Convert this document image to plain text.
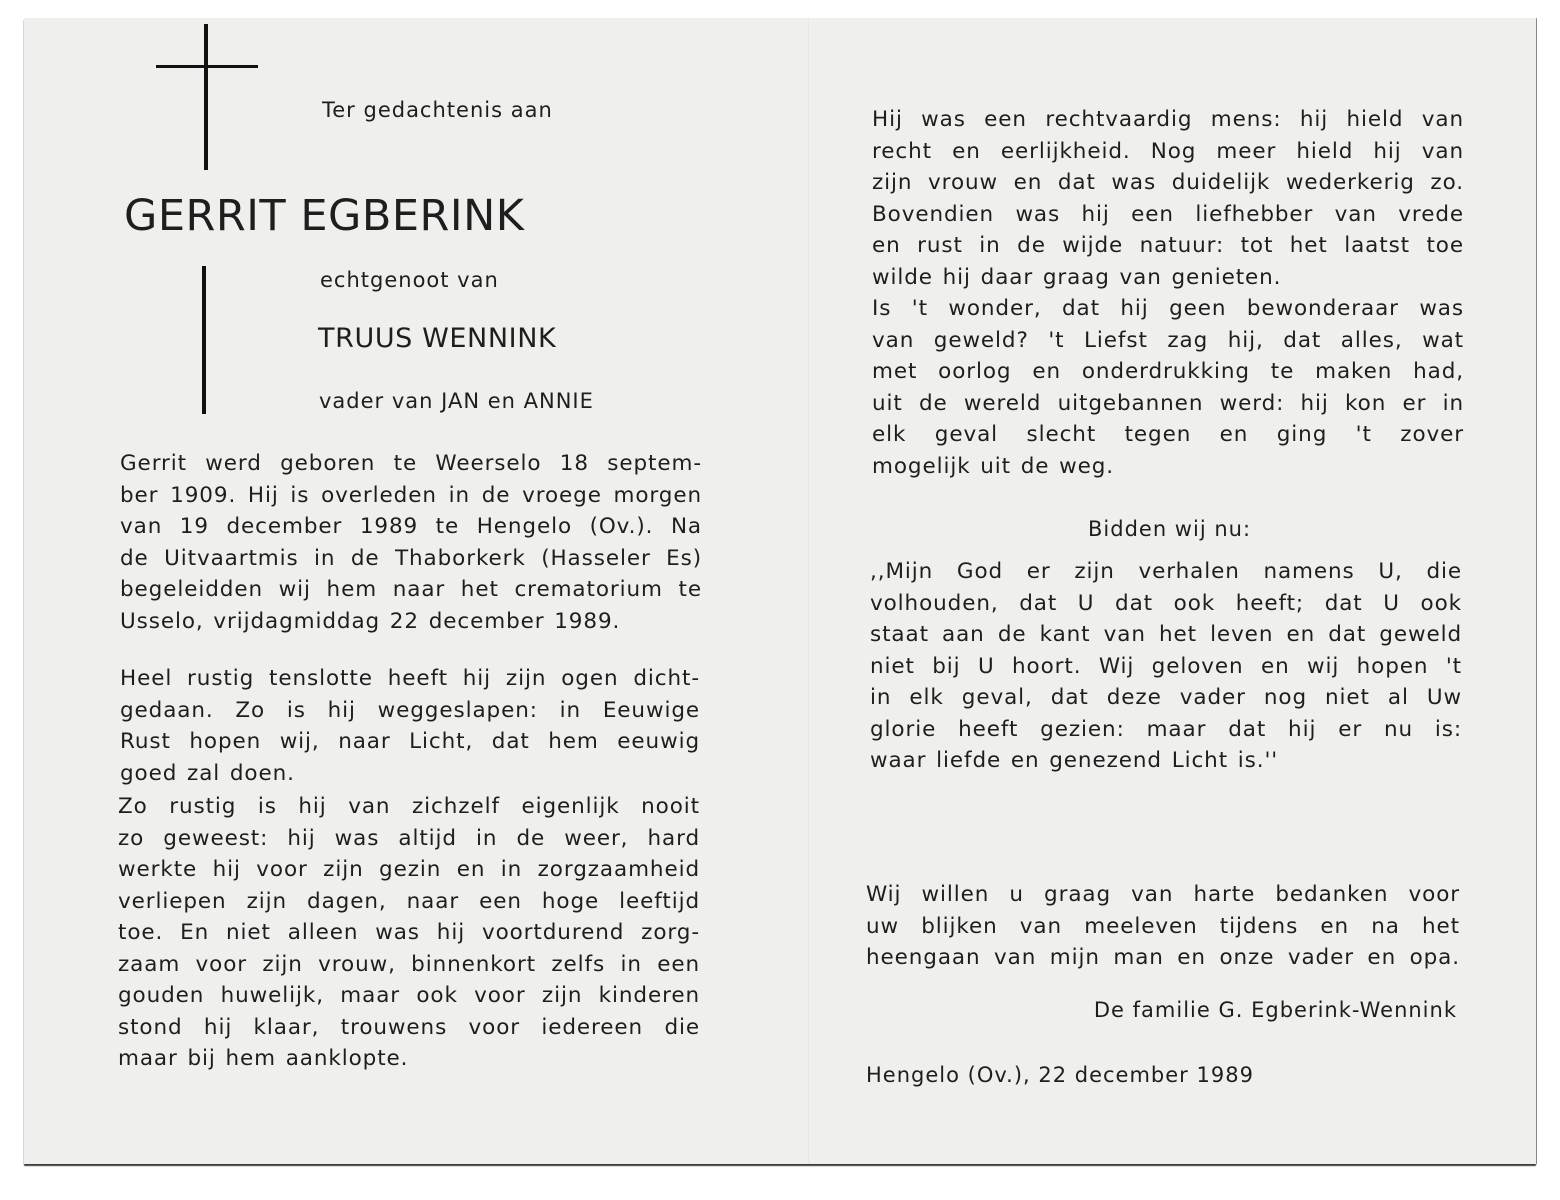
Ter gedachtenis aan

GERRIT EGBERINK

echtgenoot van

TRUUS WENNINK

vader van JAN en ANNIE

Gerrit werd geboren te Weerselo 18 septem-
ber 1909. Hij is overleden in de vroege morgen
van 19 december 1989 te Hengelo (Ov.). Na
de Uitvaartmis in de Thaborkerk (Hasseler Es)
begeleidden wij hem naar het crematorium te
Usselo, vrijdagmiddag 22 december 1989.
Heel rustig tenslotte heeft hij zijn ogen dicht-
gedaan. Zo is hij weggeslapen: in Eeuwige
Rust hopen wij, naar Licht, dat hem eeuwig
goed zal doen.
Zo rustig is hij van zichzelf eigenlijk nooit
zo geweest: hij was altijd in de weer, hard
werkte hij voor zijn gezin en in zorgzaamheid
verliepen zijn dagen, naar een hoge leeftijd
toe. En niet alleen was hij voortdurend zorg-
zaam voor zijn vrouw, binnenkort zelfs in een
gouden huwelijk, maar ook voor zijn kinderen
stond hij klaar, trouwens voor iedereen die
maar bij hem aanklopte.
Hij was een rechtvaardig mens: hij hield van
recht en eerlijkheid. Nog meer hield hij van
zijn vrouw en dat was duidelijk wederkerig zo.
Bovendien was hij een liefhebber van vrede
en rust in de wijde natuur: tot het laatst toe
wilde hij daar graag van genieten.
Is 't wonder, dat hij geen bewonderaar was
van geweld? 't Liefst zag hij, dat alles, wat
met oorlog en onderdrukking te maken had,
uit de wereld uitgebannen werd: hij kon er in
elk geval slecht tegen en ging 't zover
mogelijk uit de weg.

Bidden wij nu:

,,Mijn God er zijn verhalen namens U, die
volhouden, dat U dat ook heeft; dat U ook
staat aan de kant van het leven en dat geweld
niet bij U hoort. Wij geloven en wij hopen 't
in elk geval, dat deze vader nog niet al Uw
glorie heeft gezien: maar dat hij er nu is:
waar liefde en genezend Licht is.''
Wij willen u graag van harte bedanken voor
uw blijken van meeleven tijdens en na het
heengaan van mijn man en onze vader en opa.

De familie G. Egberink-Wennink

Hengelo (Ov.), 22 december 1989
